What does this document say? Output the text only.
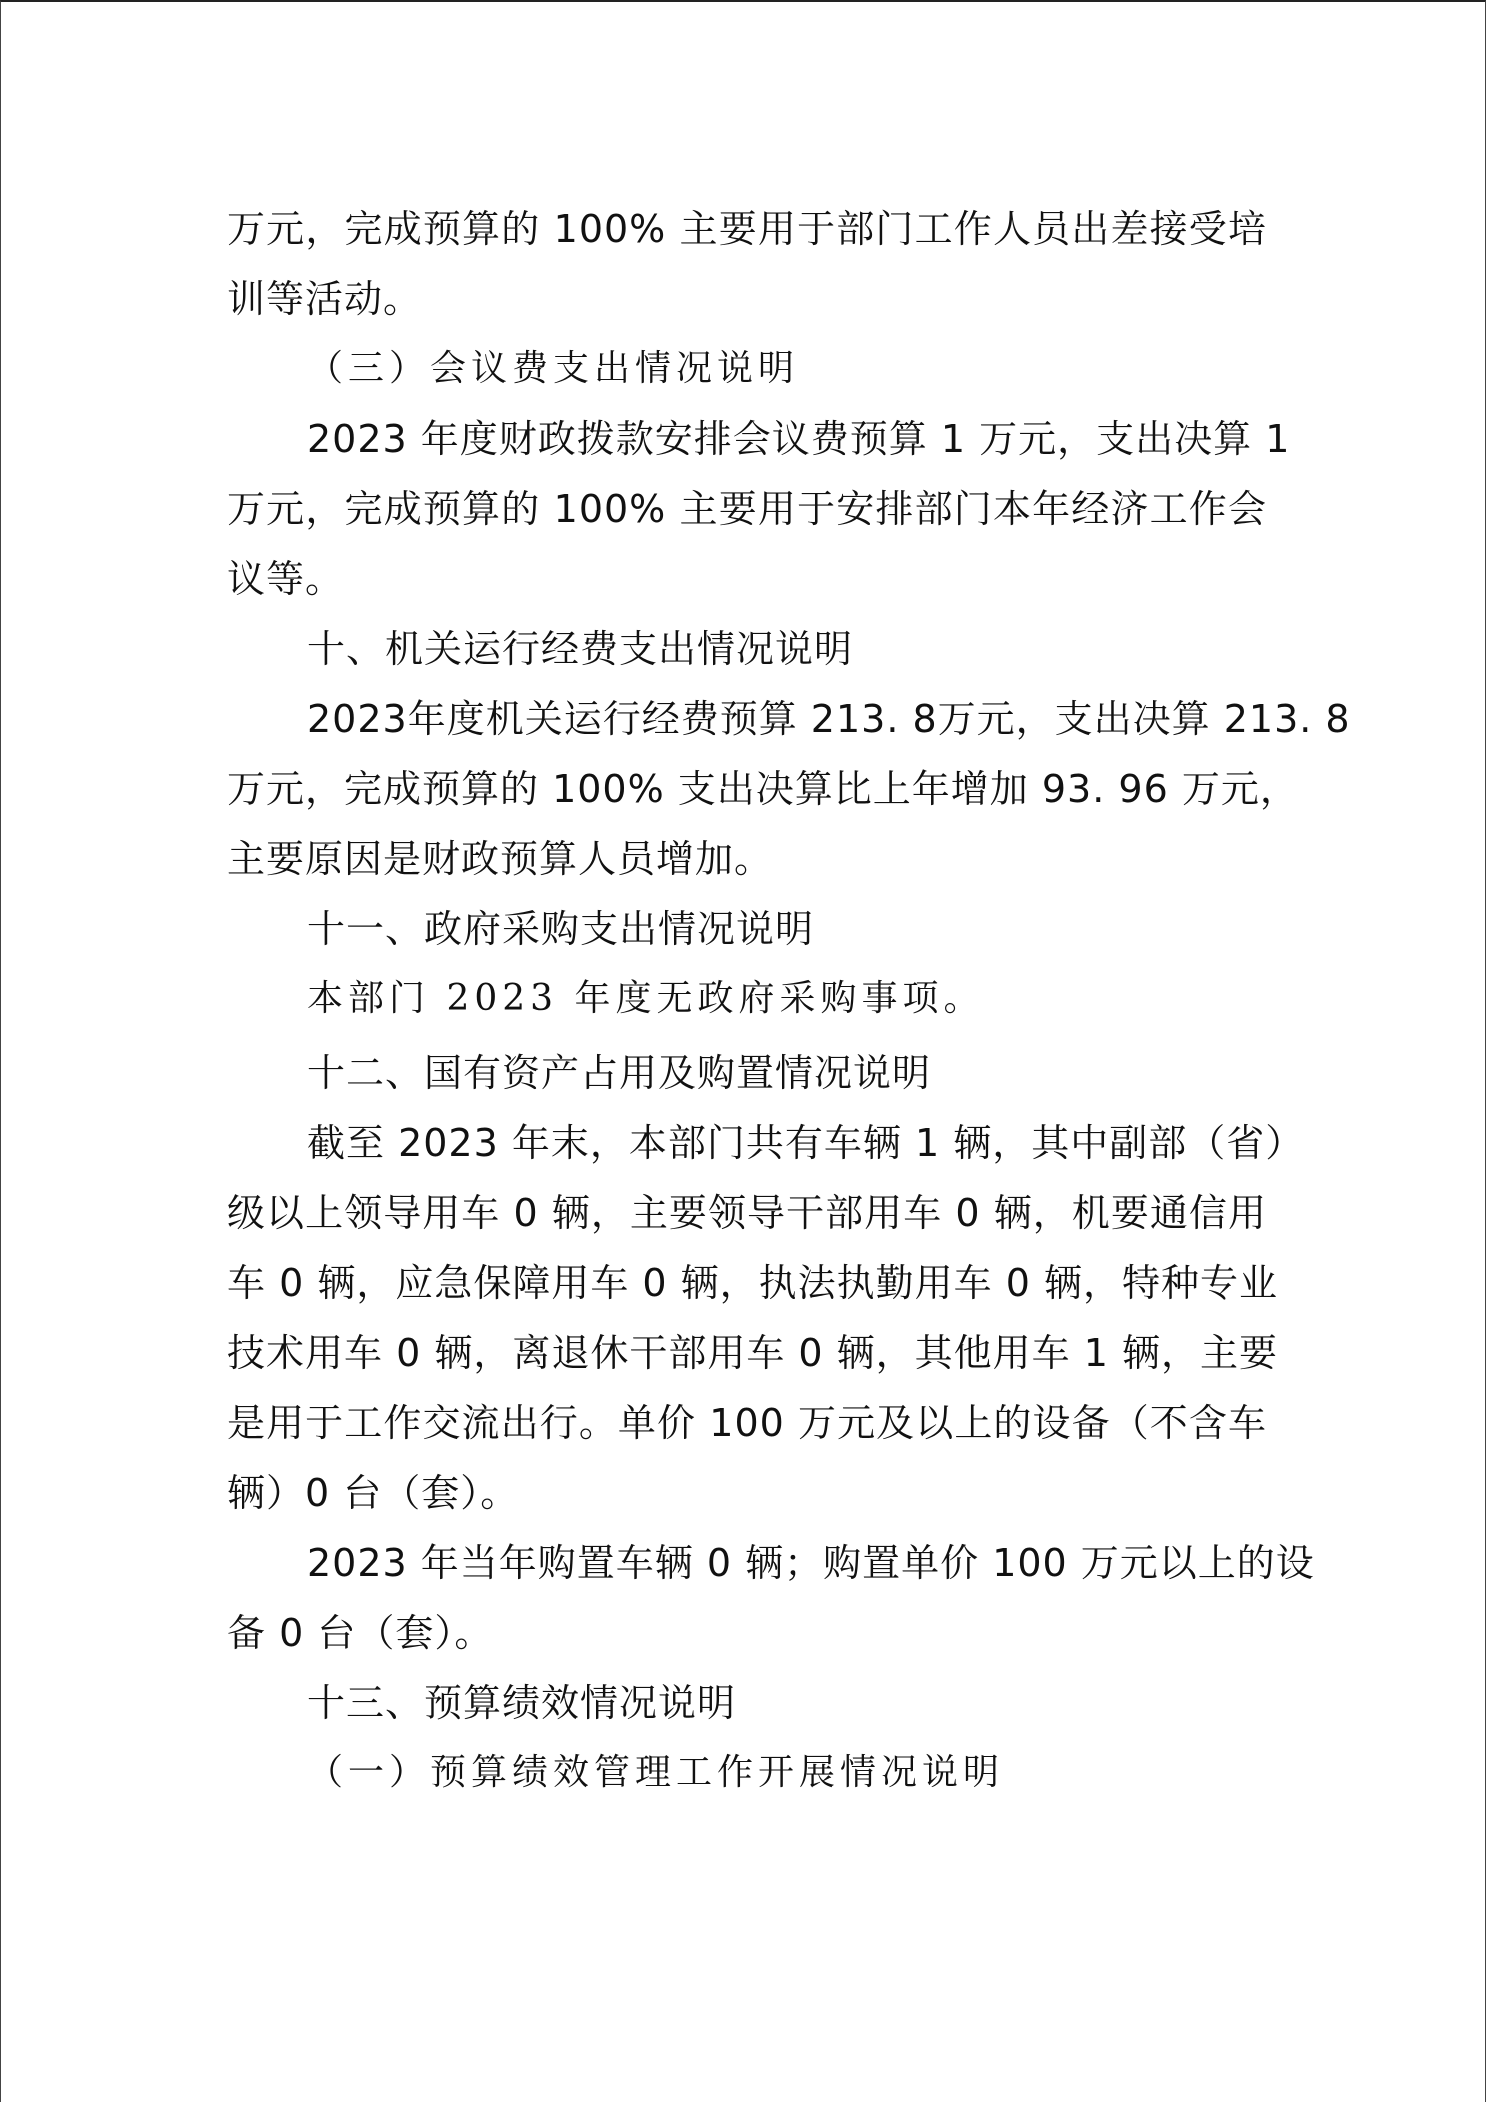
万元，完成预算的 100% 主要用于部门工作人员出差接受培
训等活动。
（三）会议费支出情况说明
2023 年度财政拨款安排会议费预算 1 万元，支出决算 1
万元，完成预算的 100% 主要用于安排部门本年经济工作会
议等。
十、机关运行经费支出情况说明
2023年度机关运行经费预算 213. 8万元，支出决算 213. 8
万元，完成预算的 100% 支出决算比上年增加 93. 96 万元，
主要原因是财政预算人员增加。
十一、政府采购支出情况说明
本部门 2023 年度无政府采购事项。
十二、国有资产占用及购置情况说明
截至 2023 年末，本部门共有车辆 1 辆，其中副部（省）
级以上领导用车 0 辆，主要领导干部用车 0 辆，机要通信用
车 0 辆，应急保障用车 0 辆，执法执勤用车 0 辆，特种专业
技术用车 0 辆，离退休干部用车 0 辆，其他用车 1 辆，主要
是用于工作交流出行。单价 100 万元及以上的设备（不含车
辆）0 台（套）。
2023 年当年购置车辆 0 辆；购置单价 100 万元以上的设
备 0 台（套）。
十三、预算绩效情况说明
（一）预算绩效管理工作开展情况说明
